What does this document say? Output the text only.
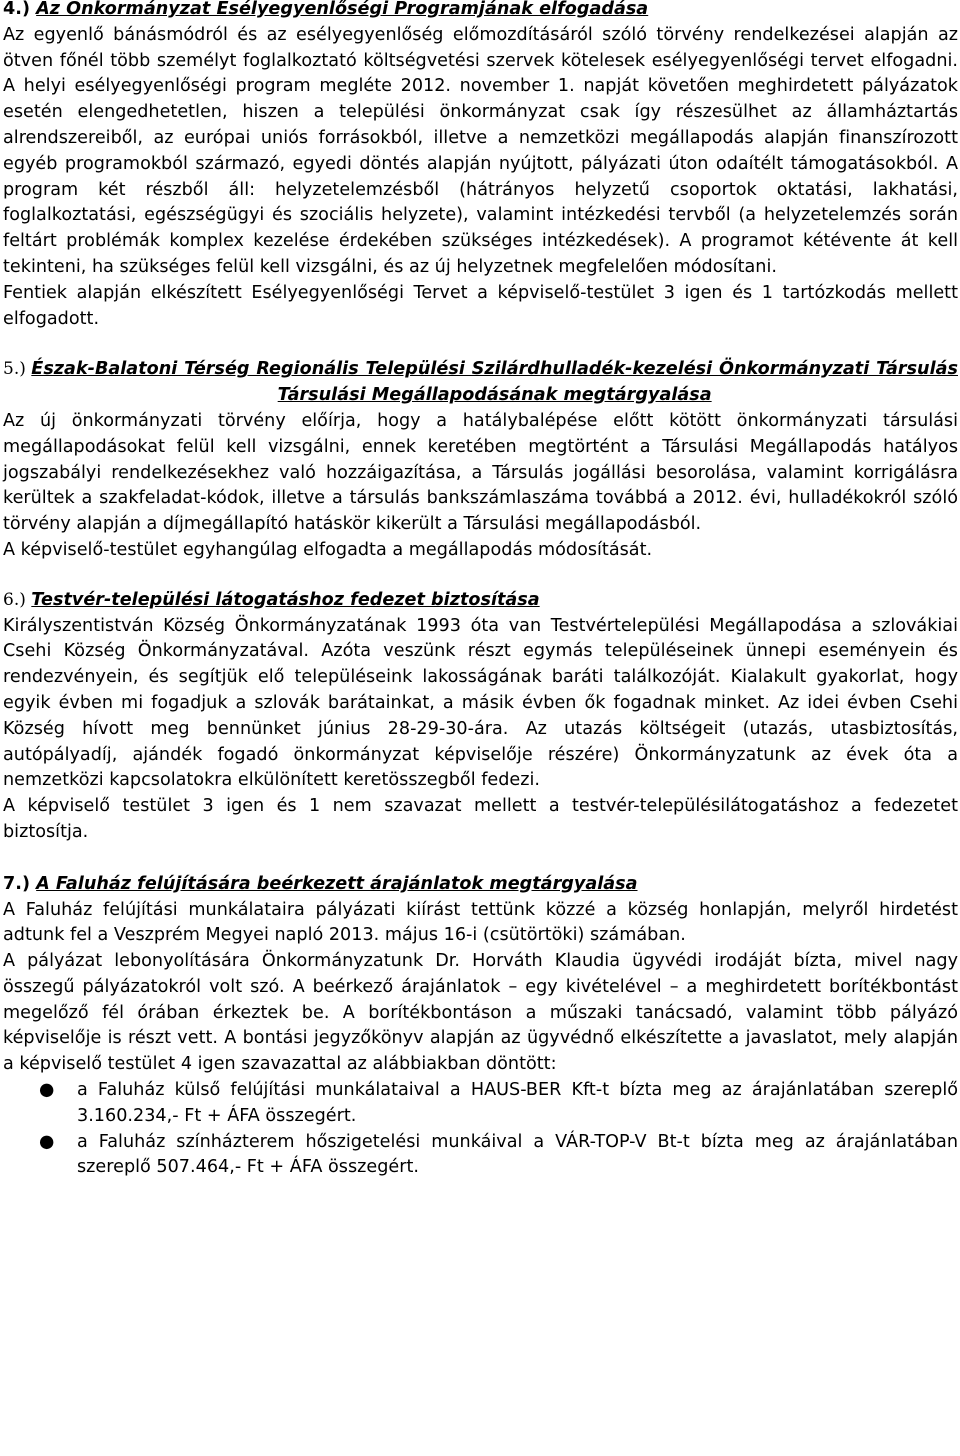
4.) Az Önkormányzat Esélyegyenlőségi Programjának elfogadása

Az egyenlő bánásmódról és az esélyegyenlőség előmozdításáról szóló törvény rendelkezései alapján az ötven főnél több személyt foglalkoztató költségvetési szervek kötelesek esélyegyenlőségi tervet elfogadni. A helyi esélyegyenlőségi program megléte 2012. november 1. napját követően meghirdetett pályázatok esetén elengedhetetlen, hiszen a települési önkormányzat csak így részesülhet az államháztartás alrendszereiből, az európai uniós forrásokból, illetve a nemzetközi megállapodás alapján finanszírozott egyéb programokból származó, egyedi döntés alapján nyújtott, pályázati úton odaítélt támogatásokból. A program két részből áll: helyzetelemzésből (hátrányos helyzetű csoportok oktatási, lakhatási, foglalkoztatási, egészségügyi és szociális helyzete), valamint intézkedési tervből (a helyzetelemzés során feltárt problémák komplex kezelése érdekében szükséges intézkedések). A programot kétévente át kell tekinteni, ha szükséges felül kell vizsgálni, és az új helyzetnek megfelelően módosítani.

Fentiek alapján elkészített Esélyegyenlőségi Tervet a képviselő-testület 3 igen és 1 tartózkodás mellett elfogadott.

5.) Észak-Balatoni Térség Regionális Települési Szilárdhulladék-kezelési Önkormányzati Társulás Társulási Megállapodásának megtárgyalása

Az új önkormányzati törvény előírja, hogy a hatálybalépése előtt kötött önkormányzati társulási megállapodásokat felül kell vizsgálni, ennek keretében megtörtént a Társulási Megállapodás hatályos jogszabályi rendelkezésekhez való hozzáigazítása, a Társulás jogállási besorolása, valamint korrigálásra kerültek a szakfeladat-kódok, illetve a társulás bankszámlaszáma továbbá a 2012. évi, hulladékokról szóló törvény alapján a díjmegállapító hatáskör kikerült a Társulási megállapodásból.

A képviselő-testület egyhangúlag elfogadta a megállapodás módosítását.

6.) Testvér-települési látogatáshoz fedezet biztosítása

Királyszentistván Község Önkormányzatának 1993 óta van Testvértelepülési Megállapodása a szlovákiai Csehi Község Önkormányzatával. Azóta veszünk részt egymás településeinek ünnepi eseményein és rendezvényein, és segítjük elő településeink lakosságának baráti találkozóját. Kialakult gyakorlat, hogy egyik évben mi fogadjuk a szlovák barátainkat, a másik évben ők fogadnak minket. Az idei évben Csehi Község hívott meg bennünket június 28-29-30-ára. Az utazás költségeit (utazás, utasbiztosítás, autópályadíj, ajándék fogadó önkormányzat képviselője részére) Önkormányzatunk az évek óta a nemzetközi kapcsolatokra elkülönített keretösszegből fedezi.

A képviselő testület 3 igen és 1 nem szavazat mellett a testvér-településilátogatáshoz a fedezetet biztosítja.

7.) A Faluház felújítására beérkezett árajánlatok megtárgyalása

A Faluház felújítási munkálataira pályázati kiírást tettünk közzé a község honlapján, melyről hirdetést adtunk fel a Veszprém Megyei napló 2013. május 16-i (csütörtöki) számában.

A pályázat lebonyolítására Önkormányzatunk Dr. Horváth Klaudia ügyvédi irodáját bízta, mivel nagy összegű pályázatokról volt szó. A beérkező árajánlatok – egy kivételével – a meghirdetett borítékbontást megelőző fél órában érkeztek be. A borítékbontáson a műszaki tanácsadó, valamint több pályázó képviselője is részt vett. A bontási jegyzőkönyv alapján az ügyvédnő elkészítette a javaslatot, mely alapján a képviselő testület 4 igen szavazattal az alábbiakban döntött:

● a Faluház külső felújítási munkálataival a HAUS-BER Kft-t bízta meg az árajánlatában szereplő 3.160.234,- Ft + ÁFA összegért.
● a Faluház színházterem hőszigetelési munkáival a VÁR-TOP-V Bt-t bízta meg az árajánlatában szereplő 507.464,- Ft + ÁFA összegért.
